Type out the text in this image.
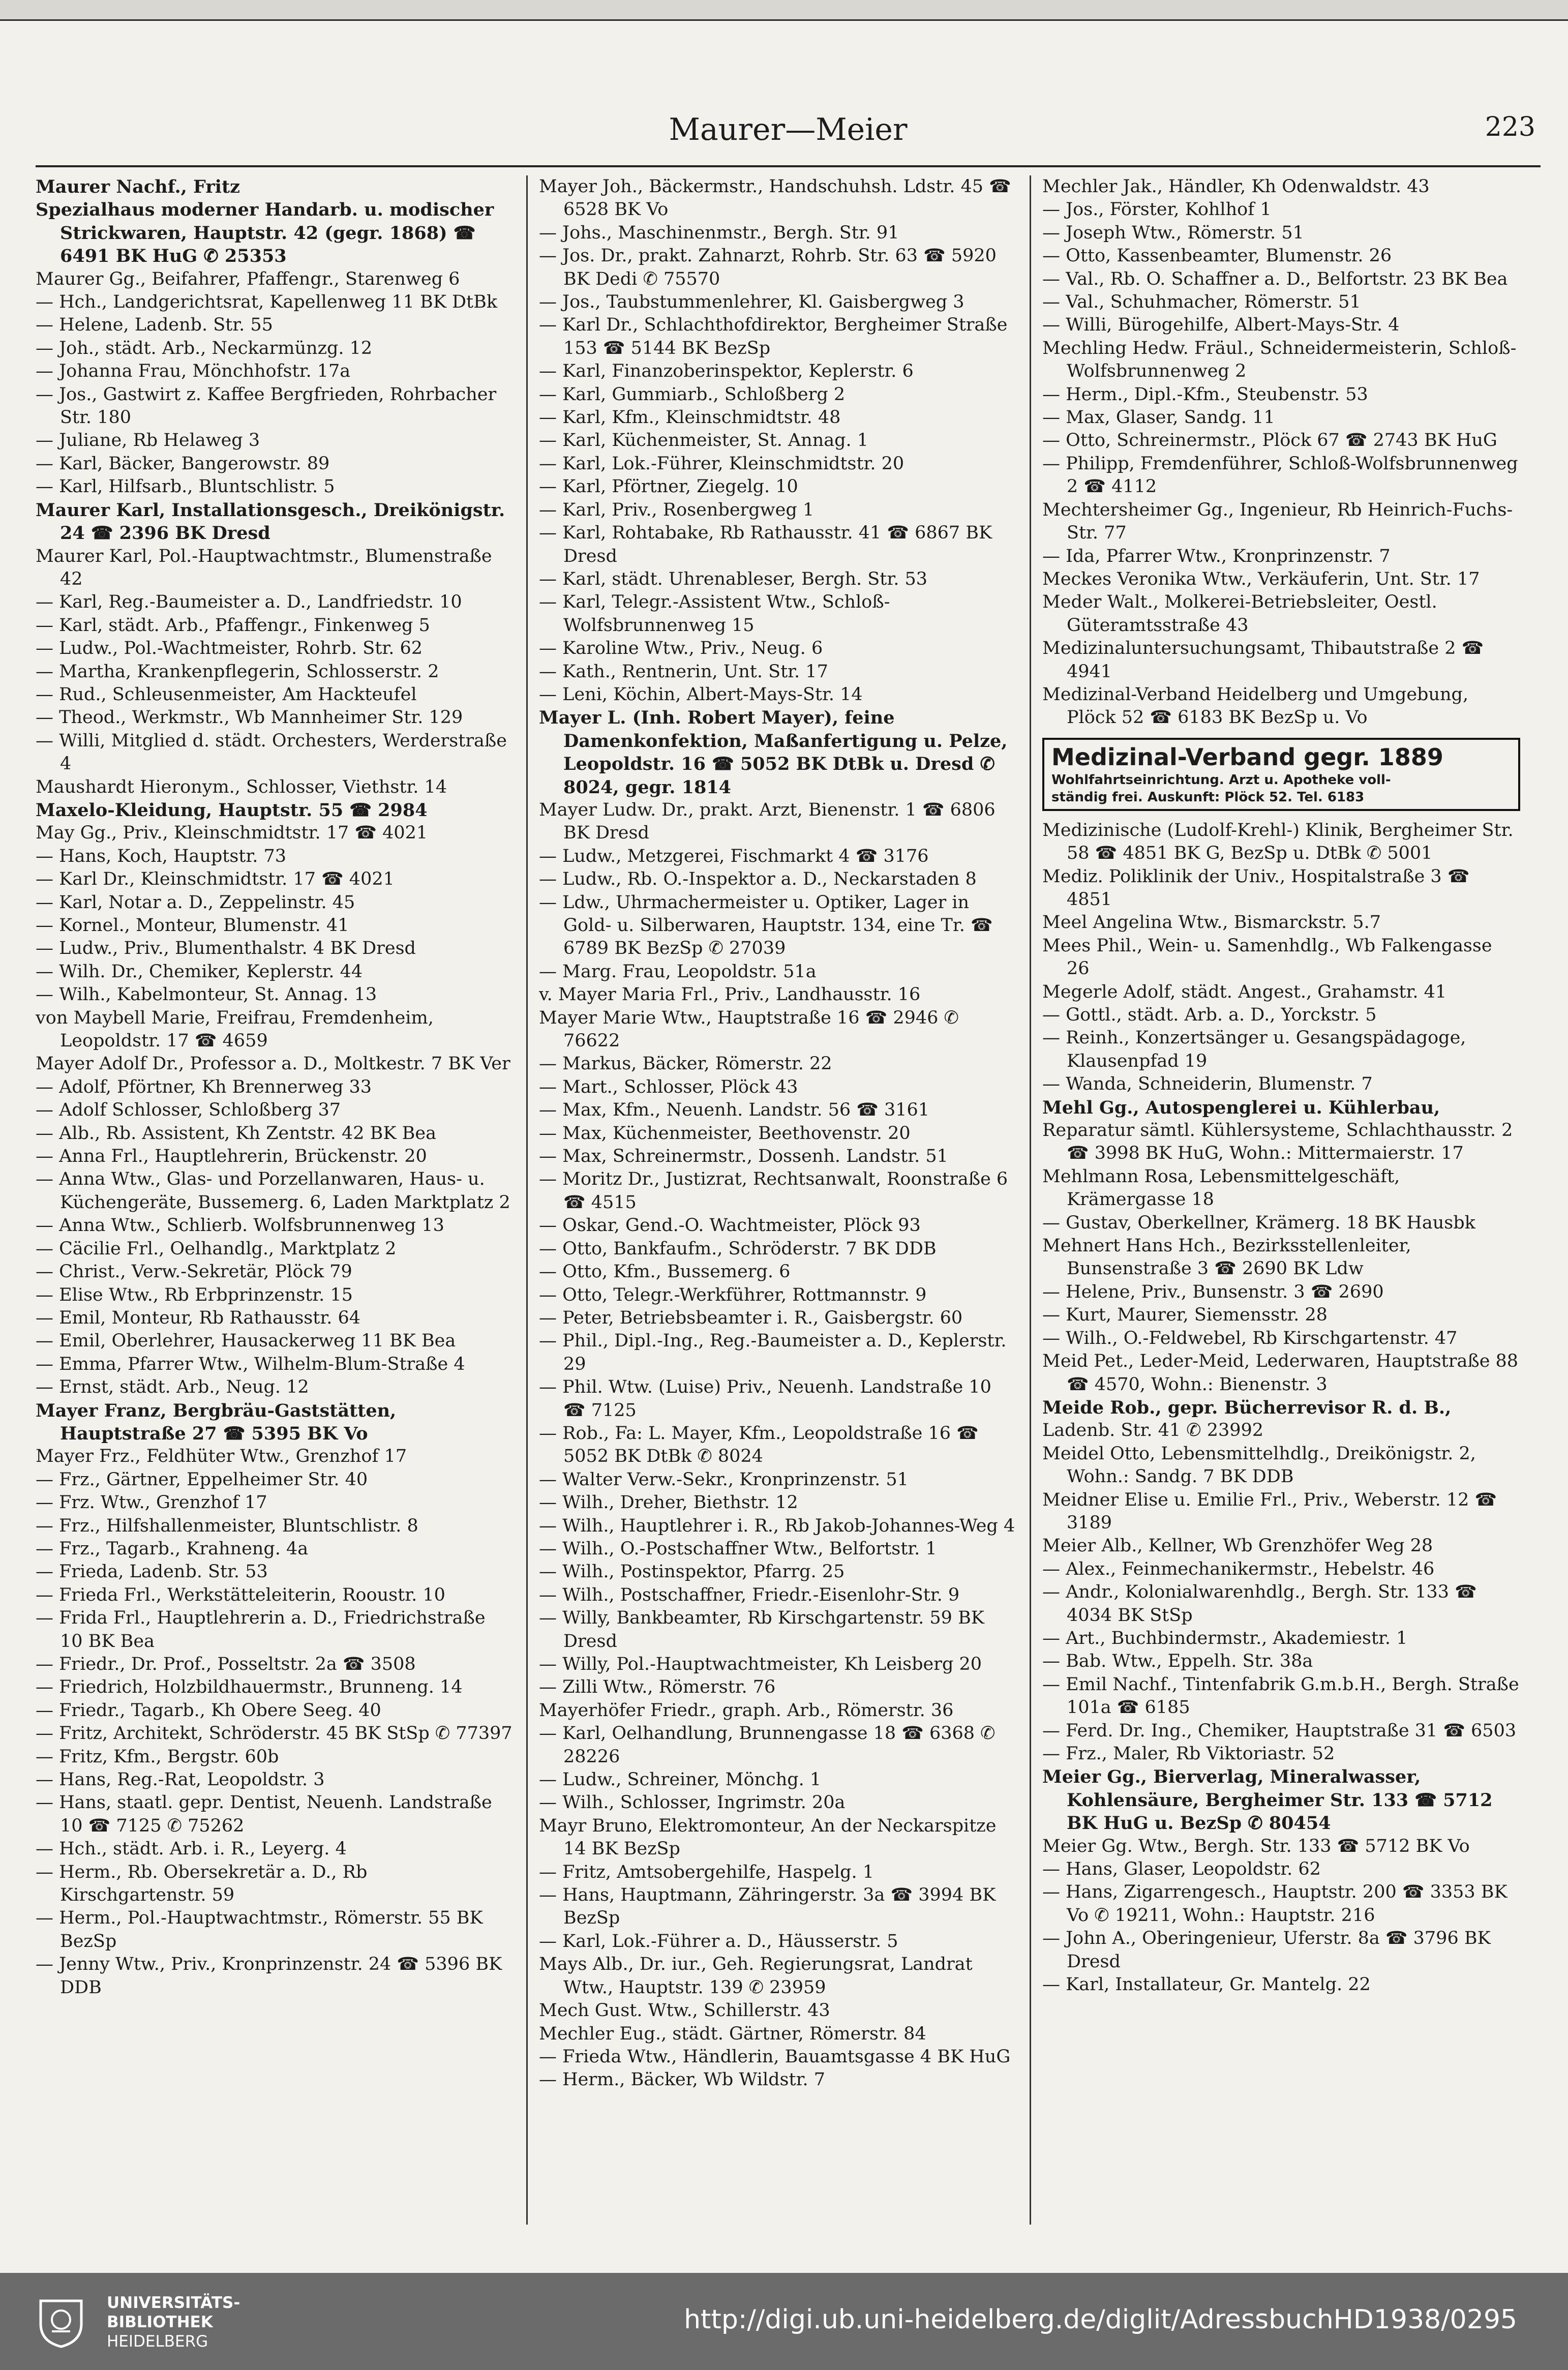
Maurer—Meier	223
Maurer Nachf., Fritz
Spezialhaus moderner Handarb. u. modischer Strickwaren, Hauptstr. 42 (gegr. 1868) ☎ 6491 BK HuG ✆ 25353
Maurer Gg., Beifahrer, Pfaffengr., Starenweg 6
— Hch., Landgerichtsrat, Kapellenweg 11 BK DtBk
— Helene, Ladenb. Str. 55
— Joh., städt. Arb., Neckarmünzg. 12
— Johanna Frau, Mönchhofstr. 17a
— Jos., Gastwirt z. Kaffee Bergfrieden, Rohrbacher Str. 180
— Juliane, Rb Helaweg 3
— Karl, Bäcker, Bangerowstr. 89
— Karl, Hilfsarb., Bluntschlistr. 5
Maurer Karl, Installationsgesch., Dreikönigstr. 24 ☎ 2396 BK Dresd
Maurer Karl, Pol.-Hauptwachtmstr., Blumenstraße 42
— Karl, Reg.-Baumeister a. D., Landfriedstr. 10
— Karl, städt. Arb., Pfaffengr., Finkenweg 5
— Ludw., Pol.-Wachtmeister, Rohrb. Str. 62
— Martha, Krankenpflegerin, Schlosserstr. 2
— Rud., Schleusenmeister, Am Hackteufel
— Theod., Werkmstr., Wb Mannheimer Str. 129
— Willi, Mitglied d. städt. Orchesters, Werderstraße 4
Maushardt Hieronym., Schlosser, Viethstr. 14
Maxelo-Kleidung, Hauptstr. 55 ☎ 2984
May Gg., Priv., Kleinschmidtstr. 17 ☎ 4021
— Hans, Koch, Hauptstr. 73
— Karl Dr., Kleinschmidtstr. 17 ☎ 4021
— Karl, Notar a. D., Zeppelinstr. 45
— Kornel., Monteur, Blumenstr. 41
— Ludw., Priv., Blumenthalstr. 4 BK Dresd
— Wilh. Dr., Chemiker, Keplerstr. 44
— Wilh., Kabelmonteur, St. Annag. 13
von Maybell Marie, Freifrau, Fremdenheim, Leopoldstr. 17 ☎ 4659
Mayer Adolf Dr., Professor a. D., Moltkestr. 7 BK Ver
— Adolf, Pförtner, Kh Brennerweg 33
— Adolf Schlosser, Schloßberg 37
— Alb., Rb. Assistent, Kh Zentstr. 42 BK Bea
— Anna Frl., Hauptlehrerin, Brückenstr. 20
— Anna Wtw., Glas- und Porzellanwaren, Haus- u. Küchengeräte, Bussemerg. 6, Laden Marktplatz 2
— Anna Wtw., Schlierb. Wolfsbrunnenweg 13
— Cäcilie Frl., Oelhandlg., Marktplatz 2
— Christ., Verw.-Sekretär, Plöck 79
— Elise Wtw., Rb Erbprinzenstr. 15
— Emil, Monteur, Rb Rathausstr. 64
— Emil, Oberlehrer, Hausackerweg 11 BK Bea
— Emma, Pfarrer Wtw., Wilhelm-Blum-Straße 4
— Ernst, städt. Arb., Neug. 12
Mayer Franz, Bergbräu-Gaststätten, Hauptstraße 27 ☎ 5395 BK Vo
Mayer Frz., Feldhüter Wtw., Grenzhof 17
— Frz., Gärtner, Eppelheimer Str. 40
— Frz. Wtw., Grenzhof 17
— Frz., Hilfshallenmeister, Bluntschlistr. 8
— Frz., Tagarb., Krahneng. 4a
— Frieda, Ladenb. Str. 53
— Frieda Frl., Werkstätteleiterin, Rooustr. 10
— Frida Frl., Hauptlehrerin a. D., Friedrichstraße 10 BK Bea
— Friedr., Dr. Prof., Posseltstr. 2a ☎ 3508
— Friedrich, Holzbildhauermstr., Brunneng. 14
— Friedr., Tagarb., Kh Obere Seeg. 40
— Fritz, Architekt, Schröderstr. 45 BK StSp ✆ 77397
— Fritz, Kfm., Bergstr. 60b
— Hans, Reg.-Rat, Leopoldstr. 3
— Hans, staatl. gepr. Dentist, Neuenh. Landstraße 10 ☎ 7125 ✆ 75262
— Hch., städt. Arb. i. R., Leyerg. 4
— Herm., Rb. Obersekretär a. D., Rb Kirschgartenstr. 59
— Herm., Pol.-Hauptwachtmstr., Römerstr. 55 BK BezSp
— Jenny Wtw., Priv., Kronprinzenstr. 24 ☎ 5396 BK DDB
Mayer Joh., Bäckermstr., Handschuhsh. Ldstr. 45 ☎ 6528 BK Vo
— Johs., Maschinenmstr., Bergh. Str. 91
— Jos. Dr., prakt. Zahnarzt, Rohrb. Str. 63 ☎ 5920 BK Dedi ✆ 75570
— Jos., Taubstummenlehrer, Kl. Gaisbergweg 3
— Karl Dr., Schlachthofdirektor, Bergheimer Straße 153 ☎ 5144 BK BezSp
— Karl, Finanzoberinspektor, Keplerstr. 6
— Karl, Gummiarb., Schloßberg 2
— Karl, Kfm., Kleinschmidtstr. 48
— Karl, Küchenmeister, St. Annag. 1
— Karl, Lok.-Führer, Kleinschmidtstr. 20
— Karl, Pförtner, Ziegelg. 10
— Karl, Priv., Rosenbergweg 1
— Karl, Rohtabake, Rb Rathausstr. 41 ☎ 6867 BK Dresd
— Karl, städt. Uhrenableser, Bergh. Str. 53
— Karl, Telegr.-Assistent Wtw., Schloß-Wolfsbrunnenweg 15
— Karoline Wtw., Priv., Neug. 6
— Kath., Rentnerin, Unt. Str. 17
— Leni, Köchin, Albert-Mays-Str. 14
Mayer L. (Inh. Robert Mayer), feine Damenkonfektion, Maßanfertigung u. Pelze, Leopoldstr. 16 ☎ 5052 BK DtBk u. Dresd ✆ 8024, gegr. 1814
Mayer Ludw. Dr., prakt. Arzt, Bienenstr. 1 ☎ 6806 BK Dresd
— Ludw., Metzgerei, Fischmarkt 4 ☎ 3176
— Ludw., Rb. O.-Inspektor a. D., Neckarstaden 8
— Ldw., Uhrmachermeister u. Optiker, Lager in Gold- u. Silberwaren, Hauptstr. 134, eine Tr. ☎ 6789 BK BezSp ✆ 27039
— Marg. Frau, Leopoldstr. 51a
v. Mayer Maria Frl., Priv., Landhausstr. 16
Mayer Marie Wtw., Hauptstraße 16 ☎ 2946 ✆ 76622
— Markus, Bäcker, Römerstr. 22
— Mart., Schlosser, Plöck 43
— Max, Kfm., Neuenh. Landstr. 56 ☎ 3161
— Max, Küchenmeister, Beethovenstr. 20
— Max, Schreinermstr., Dossenh. Landstr. 51
— Moritz Dr., Justizrat, Rechtsanwalt, Roonstraße 6 ☎ 4515
— Oskar, Gend.-O. Wachtmeister, Plöck 93
— Otto, Bankfaufm., Schröderstr. 7 BK DDB
— Otto, Kfm., Bussemerg. 6
— Otto, Telegr.-Werkführer, Rottmannstr. 9
— Peter, Betriebsbeamter i. R., Gaisbergstr. 60
— Phil., Dipl.-Ing., Reg.-Baumeister a. D., Keplerstr. 29
— Phil. Wtw. (Luise) Priv., Neuenh. Landstraße 10 ☎ 7125
— Rob., Fa: L. Mayer, Kfm., Leopoldstraße 16 ☎ 5052 BK DtBk ✆ 8024
— Walter Verw.-Sekr., Kronprinzenstr. 51
— Wilh., Dreher, Biethstr. 12
— Wilh., Hauptlehrer i. R., Rb Jakob-Johannes-Weg 4
— Wilh., O.-Postschaffner Wtw., Belfortstr. 1
— Wilh., Postinspektor, Pfarrg. 25
— Wilh., Postschaffner, Friedr.-Eisenlohr-Str. 9
— Willy, Bankbeamter, Rb Kirschgartenstr. 59 BK Dresd
— Willy, Pol.-Hauptwachtmeister, Kh Leisberg 20
— Zilli Wtw., Römerstr. 76
Mayerhöfer Friedr., graph. Arb., Römerstr. 36
— Karl, Oelhandlung, Brunnengasse 18 ☎ 6368 ✆ 28226
— Ludw., Schreiner, Mönchg. 1
— Wilh., Schlosser, Ingrimstr. 20a
Mayr Bruno, Elektromonteur, An der Neckarspitze 14 BK BezSp
— Fritz, Amtsobergehilfe, Haspelg. 1
— Hans, Hauptmann, Zähringerstr. 3a ☎ 3994 BK BezSp
— Karl, Lok.-Führer a. D., Häusserstr. 5
Mays Alb., Dr. iur., Geh. Regierungsrat, Landrat Wtw., Hauptstr. 139 ✆ 23959
Mech Gust. Wtw., Schillerstr. 43
Mechler Eug., städt. Gärtner, Römerstr. 84
— Frieda Wtw., Händlerin, Bauamtsgasse 4 BK HuG
— Herm., Bäcker, Wb Wildstr. 7
Mechler Jak., Händler, Kh Odenwaldstr. 43
— Jos., Förster, Kohlhof 1
— Joseph Wtw., Römerstr. 51
— Otto, Kassenbeamter, Blumenstr. 26
— Val., Rb. O. Schaffner a. D., Belfortstr. 23 BK Bea
— Val., Schuhmacher, Römerstr. 51
— Willi, Bürogehilfe, Albert-Mays-Str. 4
Mechling Hedw. Fräul., Schneidermeisterin, Schloß-Wolfsbrunnenweg 2
— Herm., Dipl.-Kfm., Steubenstr. 53
— Max, Glaser, Sandg. 11
— Otto, Schreinermstr., Plöck 67 ☎ 2743 BK HuG
— Philipp, Fremdenführer, Schloß-Wolfsbrunnenweg 2 ☎ 4112
Mechtersheimer Gg., Ingenieur, Rb Heinrich-Fuchs-Str. 77
— Ida, Pfarrer Wtw., Kronprinzenstr. 7
Meckes Veronika Wtw., Verkäuferin, Unt. Str. 17
Meder Walt., Molkerei-Betriebsleiter, Oestl. Güteramtsstraße 43
Medizinaluntersuchungsamt, Thibautstraße 2 ☎ 4941
Medizinal-Verband Heidelberg und Umgebung, Plöck 52 ☎ 6183 BK BezSp u. Vo
Medizinal-Verband gegr. 1889
Wohlfahrtseinrichtung. Arzt u. Apotheke voll-
ständig frei. Auskunft: Plöck 52. Tel. 6183
Medizinische (Ludolf-Krehl-) Klinik, Bergheimer Str. 58 ☎ 4851 BK G, BezSp u. DtBk ✆ 5001
Mediz. Poliklinik der Univ., Hospitalstraße 3 ☎ 4851
Meel Angelina Wtw., Bismarckstr. 5.7
Mees Phil., Wein- u. Samenhdlg., Wb Falkengasse 26
Megerle Adolf, städt. Angest., Grahamstr. 41
— Gottl., städt. Arb. a. D., Yorckstr. 5
— Reinh., Konzertsänger u. Gesangspädagoge, Klausenpfad 19
— Wanda, Schneiderin, Blumenstr. 7
Mehl Gg., Autospenglerei u. Kühlerbau,
Reparatur sämtl. Kühlersysteme, Schlachthausstr. 2 ☎ 3998 BK HuG, Wohn.: Mittermaierstr. 17
Mehlmann Rosa, Lebensmittelgeschäft, Krämergasse 18
— Gustav, Oberkellner, Krämerg. 18 BK Hausbk
Mehnert Hans Hch., Bezirksstellenleiter, Bunsenstraße 3 ☎ 2690 BK Ldw
— Helene, Priv., Bunsenstr. 3 ☎ 2690
— Kurt, Maurer, Siemensstr. 28
— Wilh., O.-Feldwebel, Rb Kirschgartenstr. 47
Meid Pet., Leder-Meid, Lederwaren, Hauptstraße 88 ☎ 4570, Wohn.: Bienenstr. 3
Meide Rob., gepr. Bücherrevisor R. d. B.,
Ladenb. Str. 41 ✆ 23992
Meidel Otto, Lebensmittelhdlg., Dreikönigstr. 2, Wohn.: Sandg. 7 BK DDB
Meidner Elise u. Emilie Frl., Priv., Weberstr. 12 ☎ 3189
Meier Alb., Kellner, Wb Grenzhöfer Weg 28
— Alex., Feinmechanikermstr., Hebelstr. 46
— Andr., Kolonialwarenhdlg., Bergh. Str. 133 ☎ 4034 BK StSp
— Art., Buchbindermstr., Akademiestr. 1
— Bab. Wtw., Eppelh. Str. 38a
— Emil Nachf., Tintenfabrik G.m.b.H., Bergh. Straße 101a ☎ 6185
— Ferd. Dr. Ing., Chemiker, Hauptstraße 31 ☎ 6503
— Frz., Maler, Rb Viktoriastr. 52
Meier Gg., Bierverlag, Mineralwasser, Kohlensäure, Bergheimer Str. 133 ☎ 5712 BK HuG u. BezSp ✆ 80454
Meier Gg. Wtw., Bergh. Str. 133 ☎ 5712 BK Vo
— Hans, Glaser, Leopoldstr. 62
— Hans, Zigarrengesch., Hauptstr. 200 ☎ 3353 BK Vo ✆ 19211, Wohn.: Hauptstr. 216
— John A., Oberingenieur, Uferstr. 8a ☎ 3796 BK Dresd
— Karl, Installateur, Gr. Mantelg. 22
UNIVERSITÄTS-
BIBLIOTHEK
HEIDELBERG
http://digi.ub.uni-heidelberg.de/diglit/AdressbuchHD1938/0295
